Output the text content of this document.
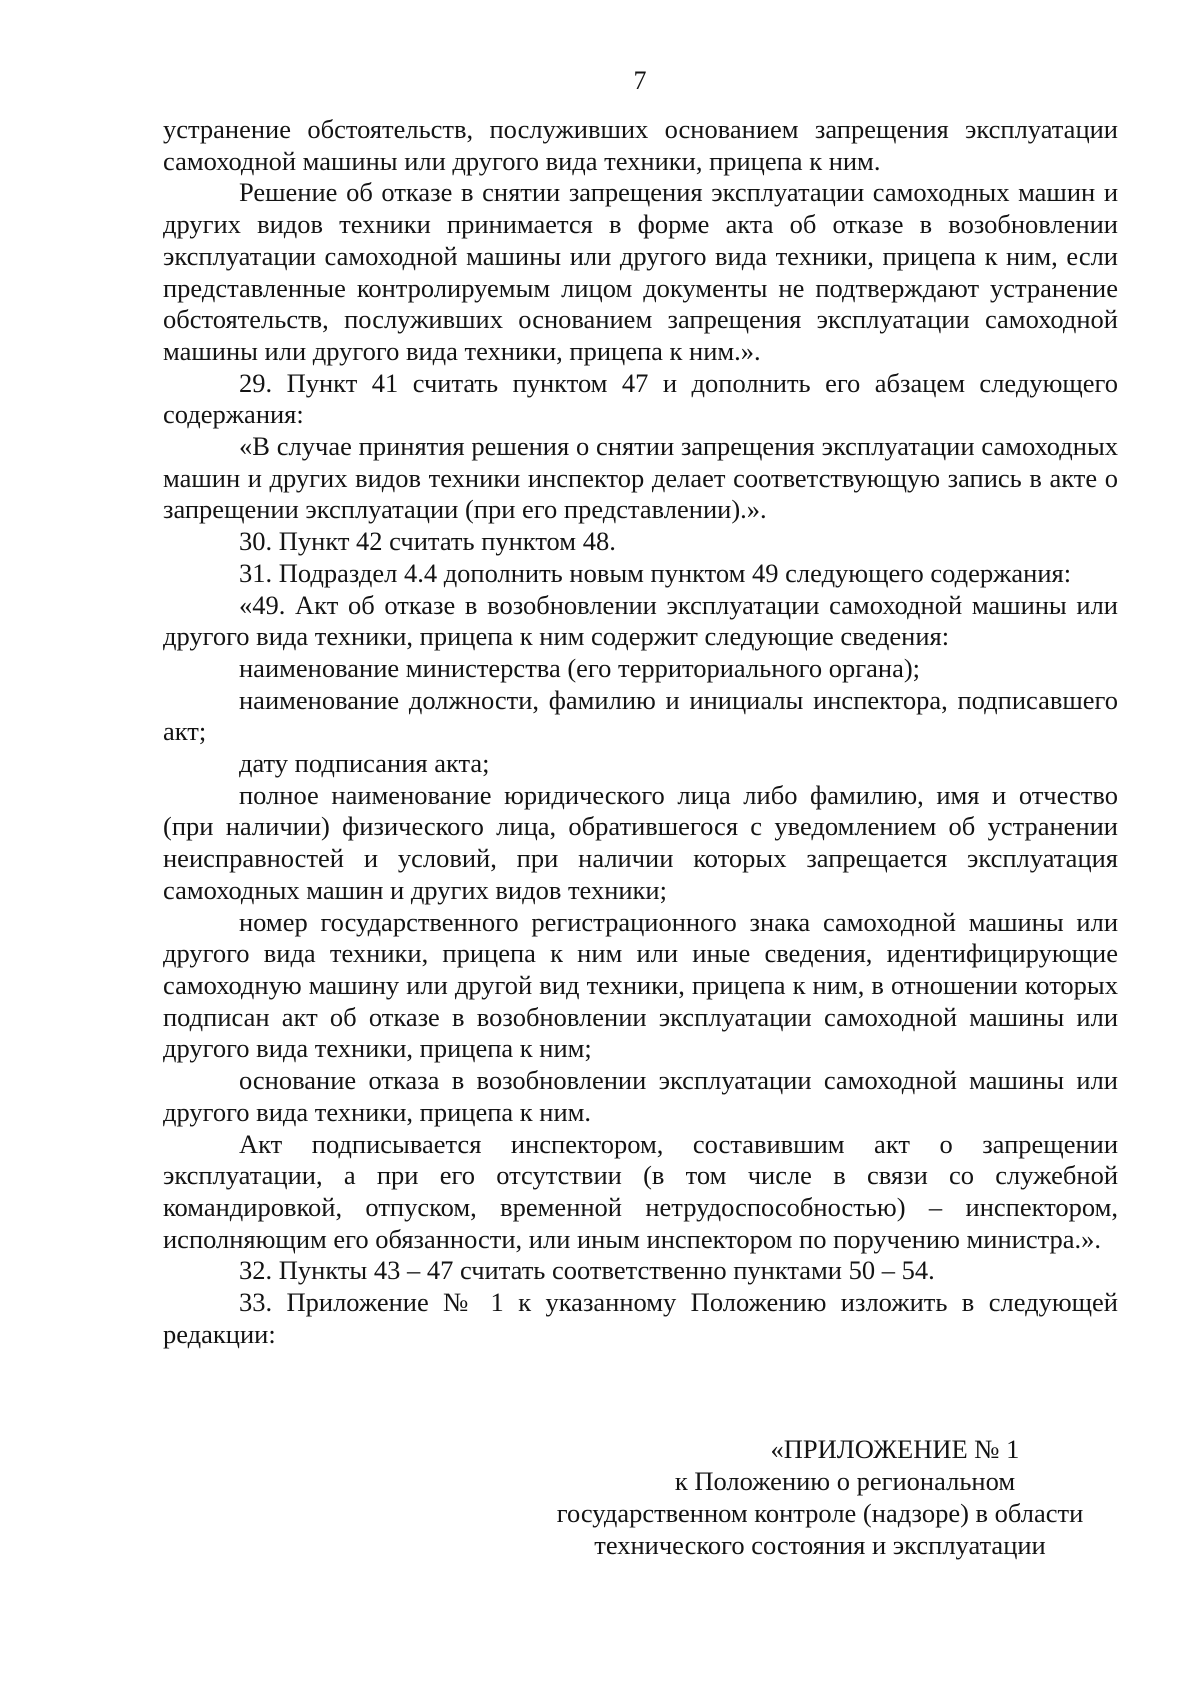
7

устранение обстоятельств, послуживших основанием запрещения эксплуатации самоходной машины или другого вида техники, прицепа к ним.

Решение об отказе в снятии запрещения эксплуатации самоходных машин и других видов техники принимается в форме акта об отказе в возобновлении эксплуатации самоходной машины или другого вида техники, прицепа к ним, если представленные контролируемым лицом документы не подтверждают устранение обстоятельств, послуживших основанием запрещения эксплуатации самоходной машины или другого вида техники, прицепа к ним.».

29. Пункт 41 считать пунктом 47 и дополнить его абзацем следующего содержания:

«В случае принятия решения о снятии запрещения эксплуатации самоходных машин и других видов техники инспектор делает соответствующую запись в акте о запрещении эксплуатации (при его представлении).».

30. Пункт 42 считать пунктом 48.

31. Подраздел 4.4 дополнить новым пунктом 49 следующего содержания:

«49. Акт об отказе в возобновлении эксплуатации самоходной машины или другого вида техники, прицепа к ним содержит следующие сведения:

наименование министерства (его территориального органа);

наименование должности, фамилию и инициалы инспектора, подписавшего акт;

дату подписания акта;

полное наименование юридического лица либо фамилию, имя и отчество (при наличии) физического лица, обратившегося с уведомлением об устранении неисправностей и условий, при наличии которых запрещается эксплуатация самоходных машин и других видов техники;

номер государственного регистрационного знака самоходной машины или другого вида техники, прицепа к ним или иные сведения, идентифицирующие самоходную машину или другой вид техники, прицепа к ним, в отношении которых подписан акт об отказе в возобновлении эксплуатации самоходной машины или другого вида техники, прицепа к ним;

основание отказа в возобновлении эксплуатации самоходной машины или другого вида техники, прицепа к ним.

Акт подписывается инспектором, составившим акт о запрещении эксплуатации, а при его отсутствии (в том числе в связи со служебной командировкой, отпуском, временной нетрудоспособностью) – инспектором, исполняющим его обязанности, или иным инспектором по поручению министра.».

32. Пункты 43 – 47 считать соответственно пунктами 50 – 54.

33. Приложение № 1 к указанному Положению изложить в следующей редакции:

«ПРИЛОЖЕНИЕ № 1
к Положению о региональном
государственном контроле (надзоре) в области
технического состояния и эксплуатации
